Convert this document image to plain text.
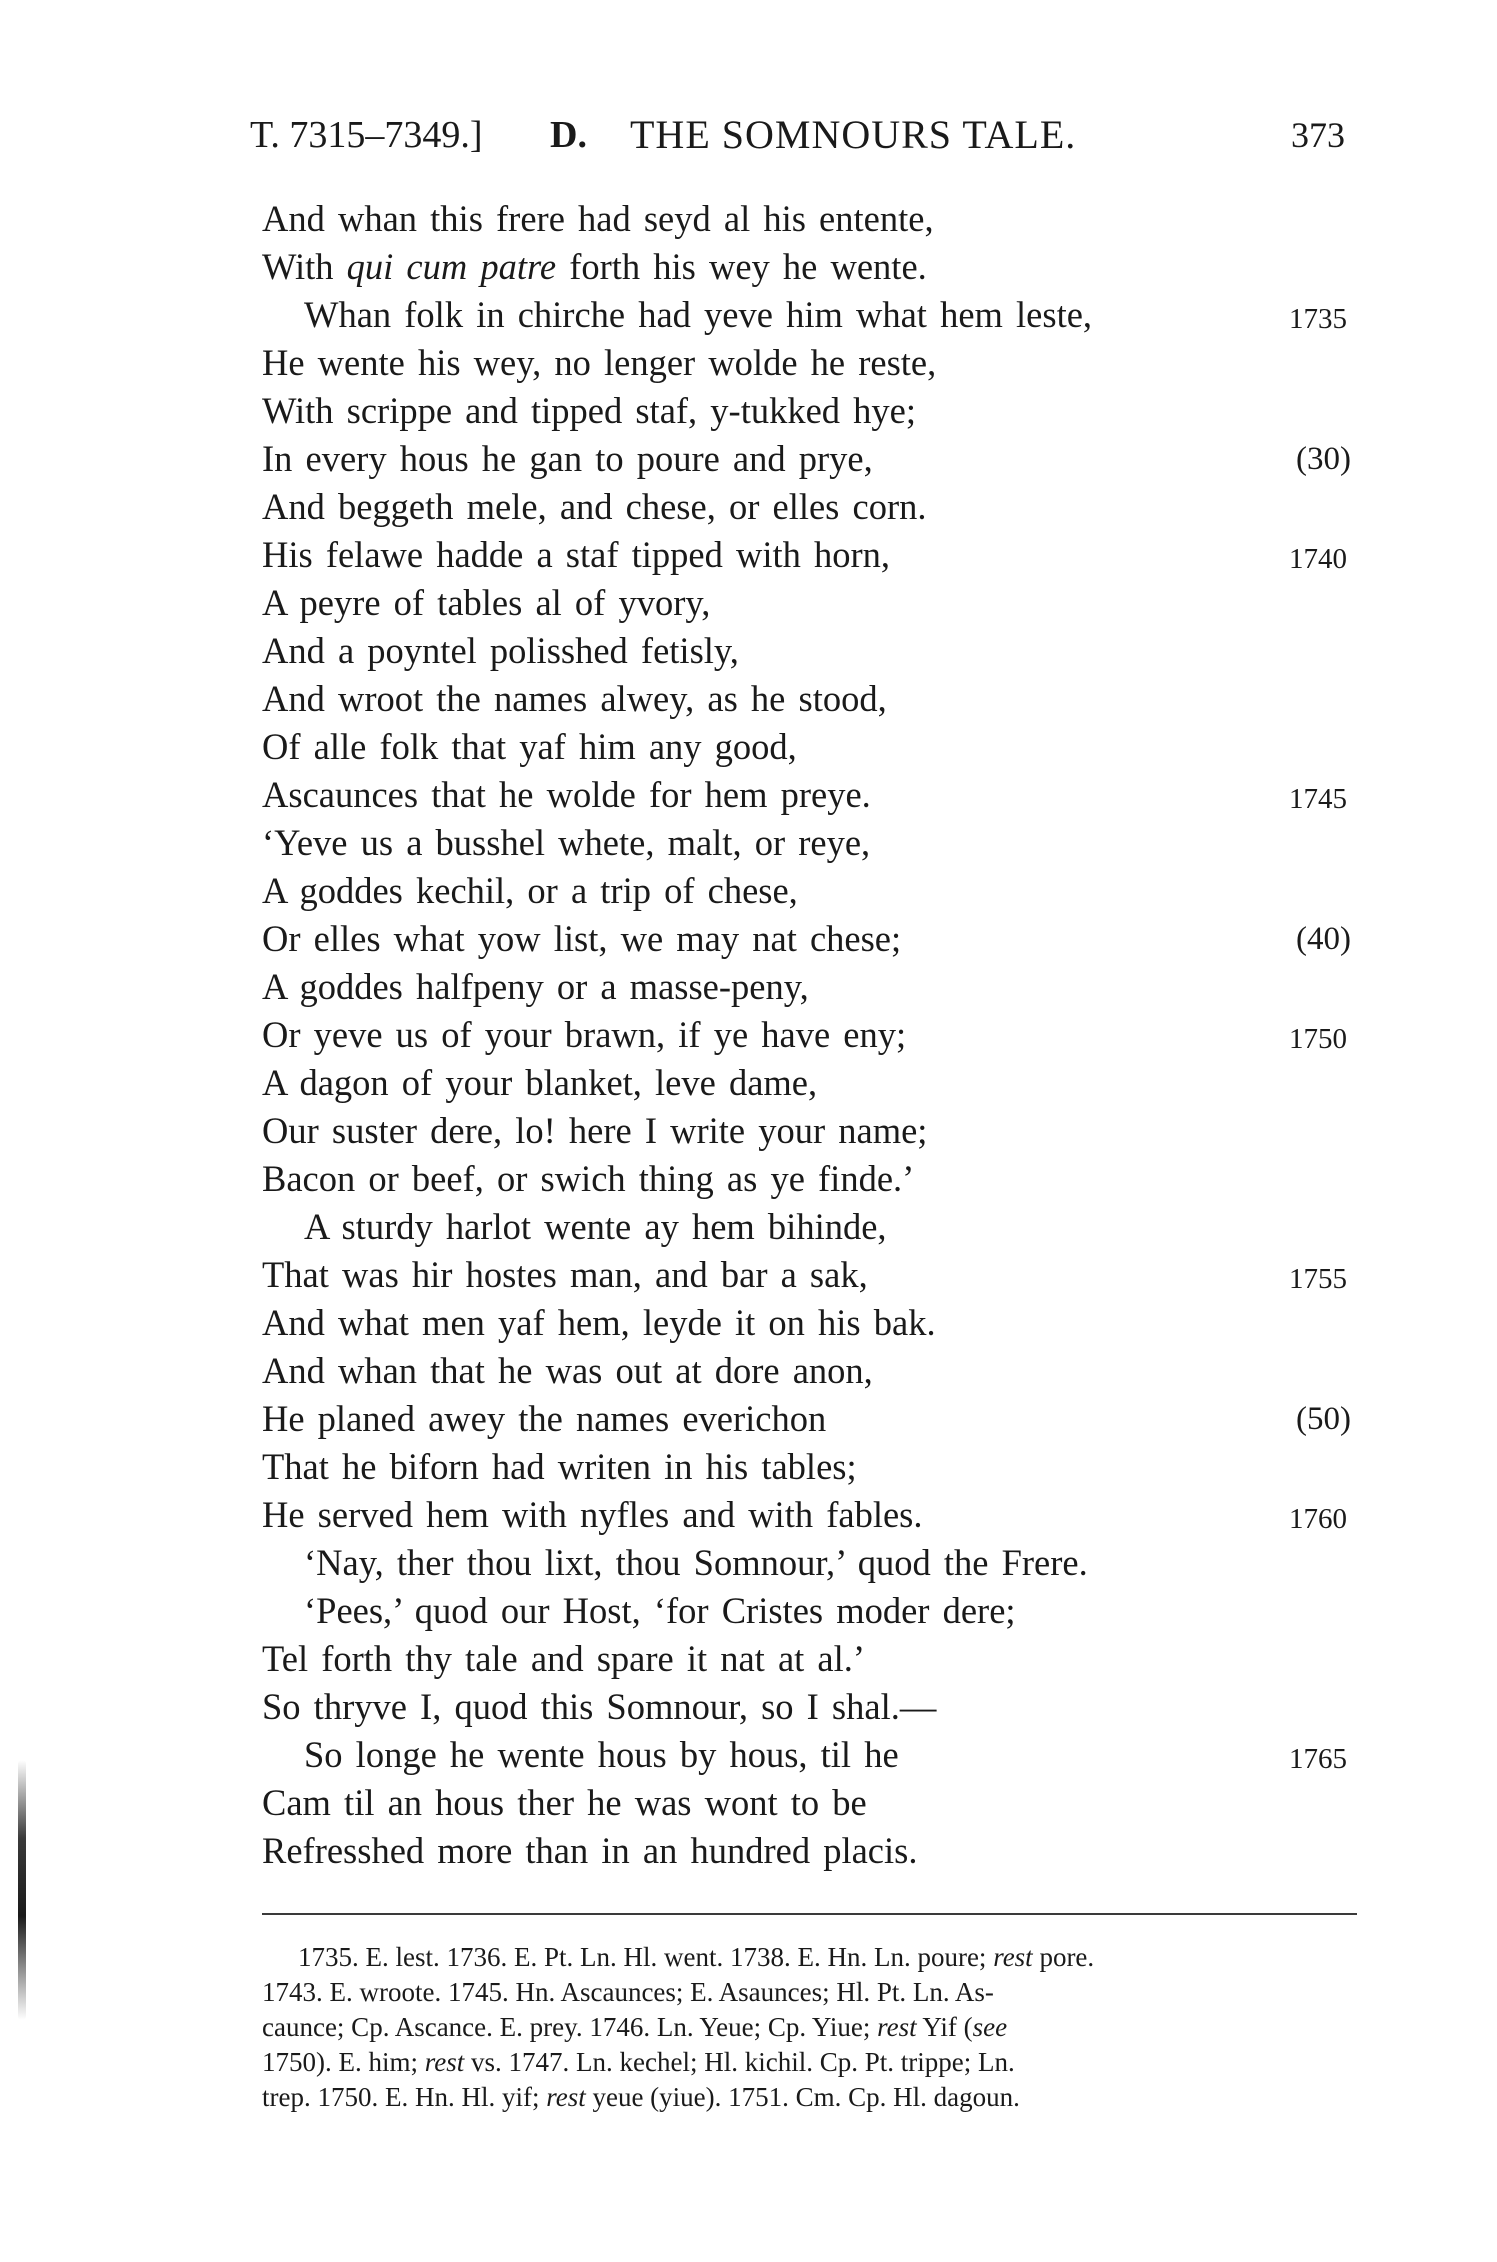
T. 7315–7349.] D. THE SOMNOURS TALE.	373
And whan this frere had seyd al his entente,
With qui cum patre forth his wey he wente.
Whan folk in chirche had yeve him what hem leste,	1735
He wente his wey, no lenger wolde he reste,
With scrippe and tipped staf, y-tukked hye;
In every hous he gan to poure and prye,	(30)
And beggeth mele, and chese, or elles corn.
His felawe hadde a staf tipped with horn,	1740
A peyre of tables al of yvory,
And a poyntel polisshed fetisly,
And wroot the names alwey, as he stood,
Of alle folk that yaf him any good,
Ascaunces that he wolde for hem preye.	1745
‘Yeve us a busshel whete, malt, or reye,
A goddes kechil, or a trip of chese,
Or elles what yow list, we may nat chese;	(40)
A goddes halfpeny or a masse-peny,
Or yeve us of your brawn, if ye have eny;	1750
A dagon of your blanket, leve dame,
Our suster dere, lo! here I write your name;
Bacon or beef, or swich thing as ye finde.’
A sturdy harlot wente ay hem bihinde,
That was hir hostes man, and bar a sak,	1755
And what men yaf hem, leyde it on his bak.
And whan that he was out at dore anon,
He planed awey the names everichon	(50)
That he biforn had writen in his tables;
He served hem with nyfles and with fables.	1760
‘Nay, ther thou lixt, thou Somnour,’ quod the Frere.
‘Pees,’ quod our Host, ‘for Cristes moder dere;
Tel forth thy tale and spare it nat at al.’
So thryve I, quod this Somnour, so I shal.—
So longe he wente hous by hous, til he	1765
Cam til an hous ther he was wont to be
Refresshed more than in an hundred placis.
1735. E. lest. 1736. E. Pt. Ln. Hl. went. 1738. E. Hn. Ln. poure; rest pore.
1743. E. wroote. 1745. Hn. Ascaunces; E. Asaunces; Hl. Pt. Ln. As-
caunce; Cp. Ascance. E. prey. 1746. Ln. Yeue; Cp. Yiue; rest Yif (see
1750). E. him; rest vs. 1747. Ln. kechel; Hl. kichil. Cp. Pt. trippe; Ln.
trep. 1750. E. Hn. Hl. yif; rest yeue (yiue). 1751. Cm. Cp. Hl. dagoun.
